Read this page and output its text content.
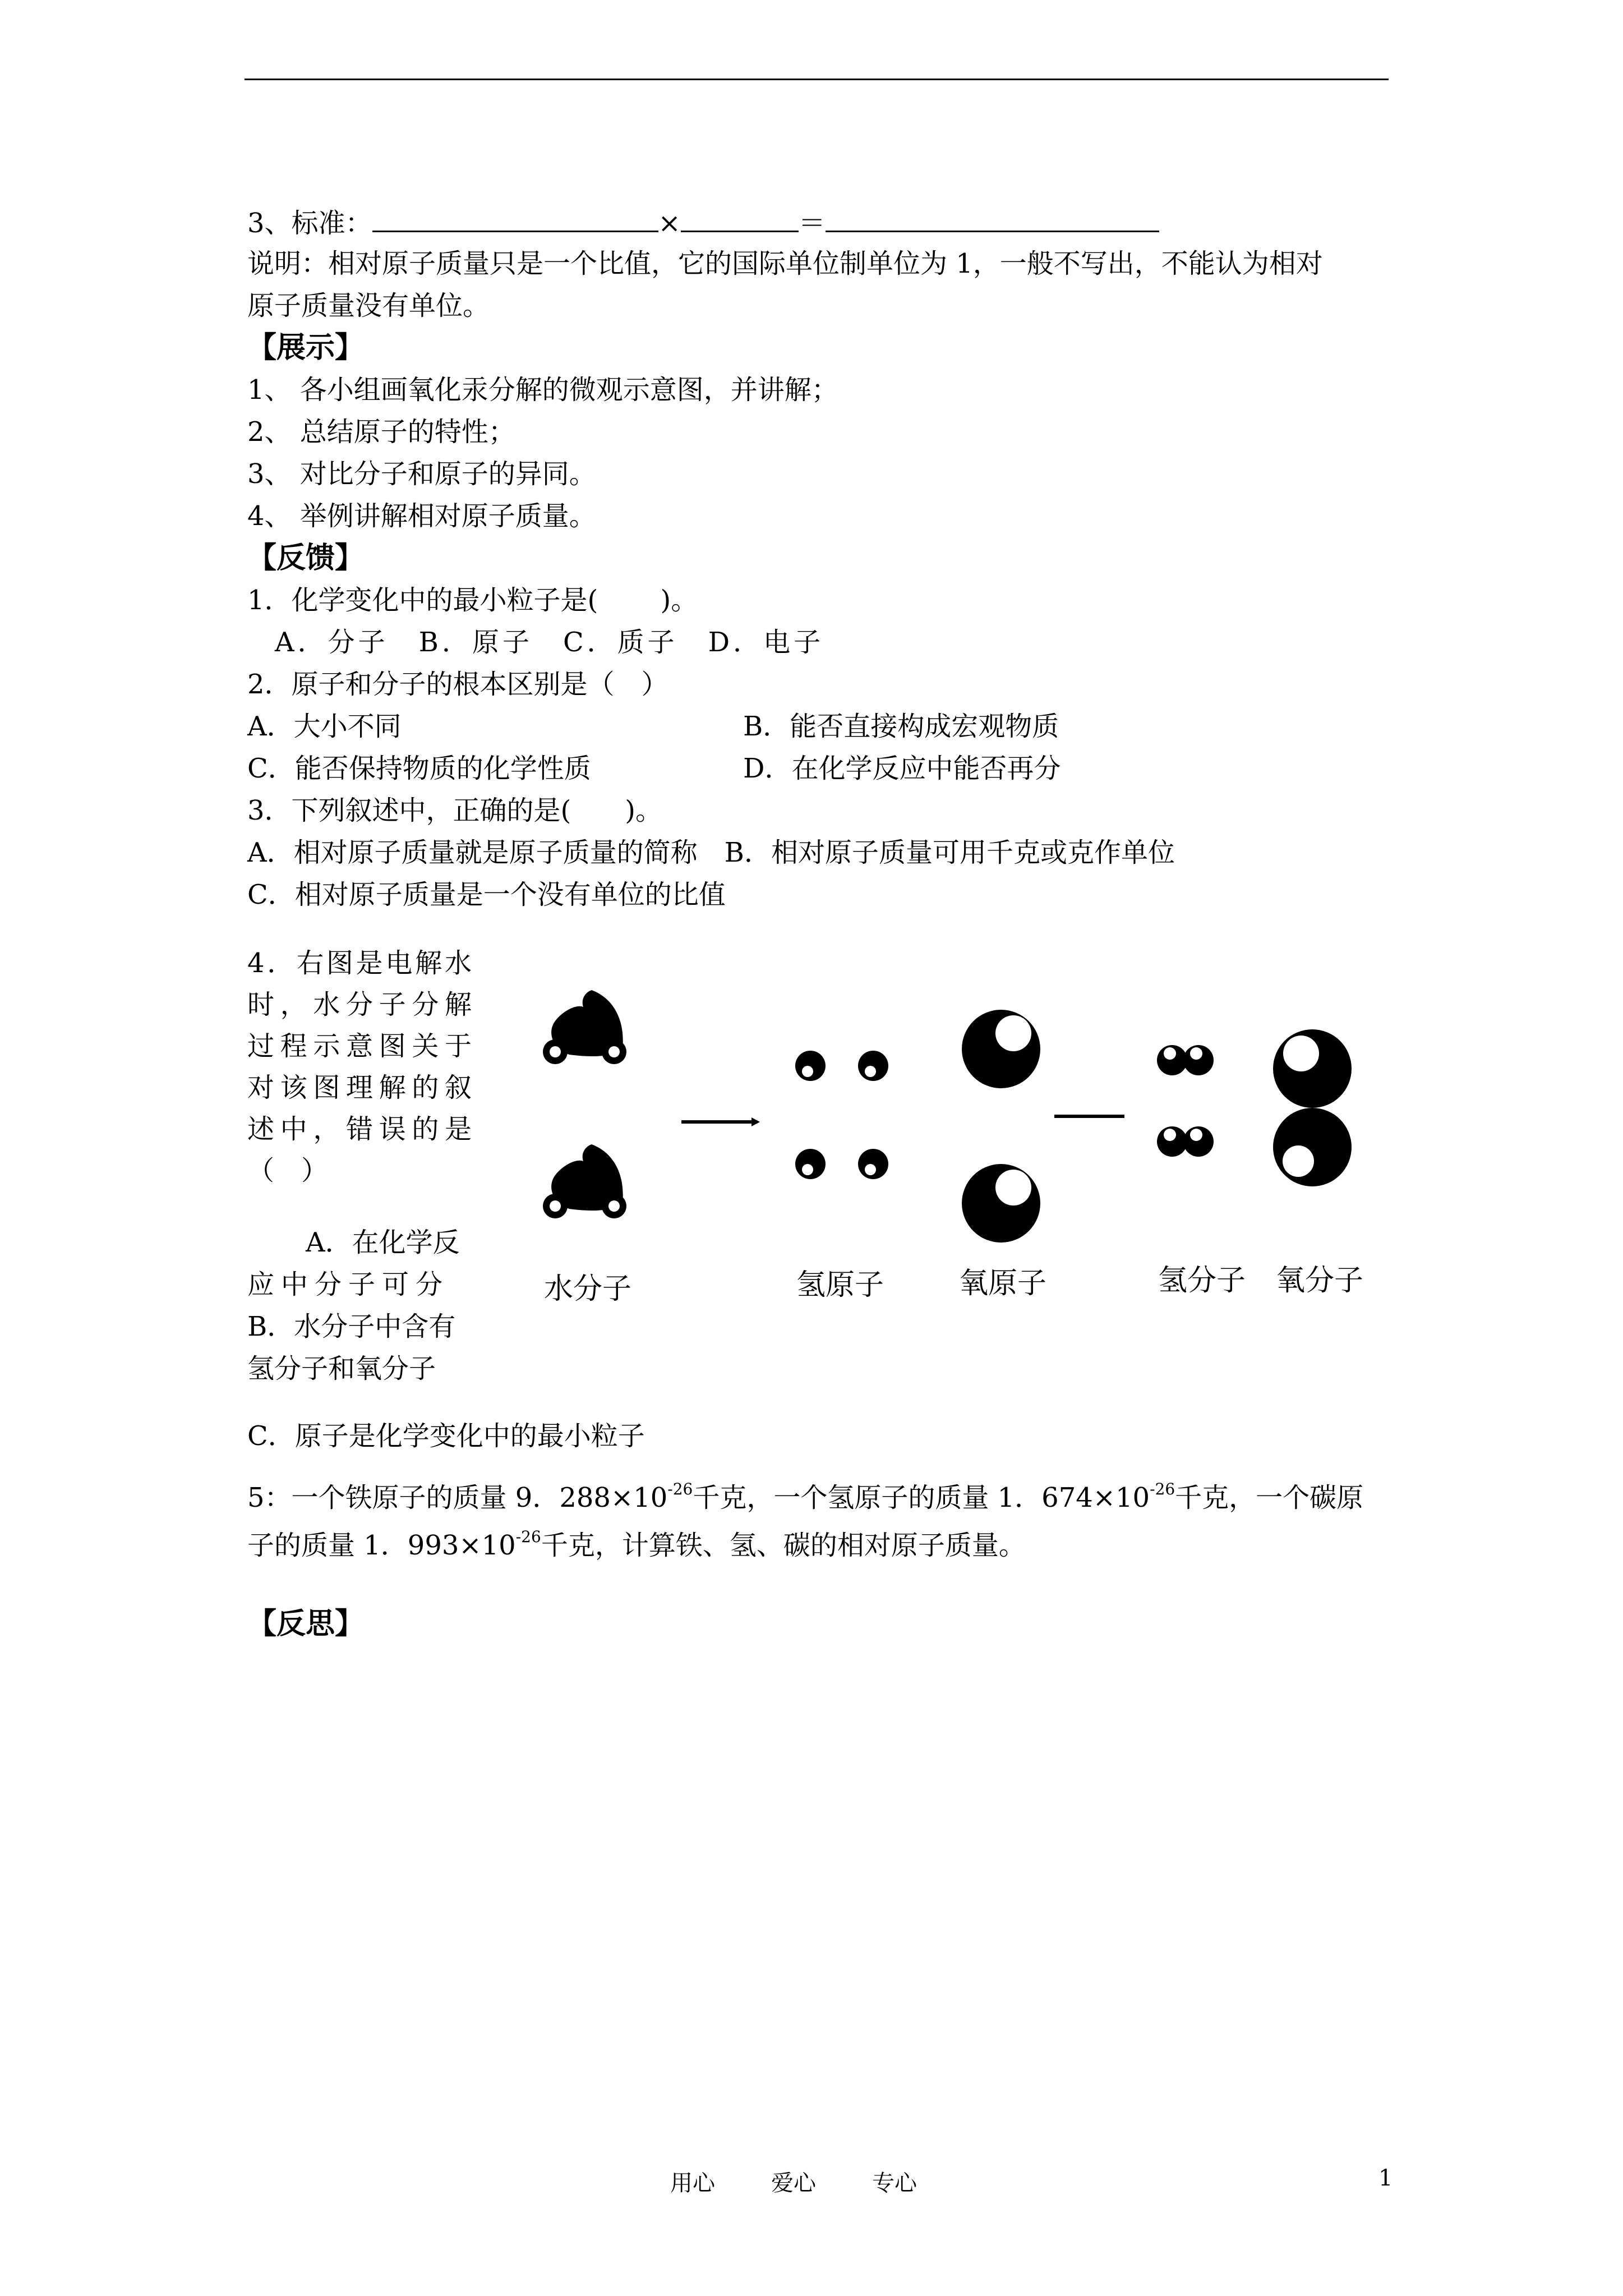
3、标准：	×	＝
说明：相对原子质量只是一个比值，它的国际单位制单位为 1，一般不写出，不能认为相对
原子质量没有单位。
【展示】
1、 各小组画氧化汞分解的微观示意图，并讲解；
2、 总结原子的特性；
3、 对比分子和原子的异同。
4、 举例讲解相对原子质量。
【反馈】
1．化学变化中的最小粒子是(　　 )。
A．分子　B．原子　C．质子　D．电子
2．原子和分子的根本区别是（　）
A．大小不同	B．能否直接构成宏观物质
C．能否保持物质的化学性质	D．在化学反应中能否再分
3．下列叙述中，正确的是(　　)。
A．相对原子质量就是原子质量的简称　B．相对原子质量可用千克或克作单位
C．相对原子质量是一个没有单位的比值
4．右图是电解水
时，水分子分解
过程示意图关于
对该图理解的叙
述中，错误的是
（　）
A．在化学反
应中分子可分
B．水分子中含有
氢分子和氧分子
水分子	氢原子	氧原子	氢分子 氧分子
C．原子是化学变化中的最小粒子
5：一个铁原子的质量 9．$288\times 10^{-26}$千克，一个氢原子的质量 1．$674\times 10^{-26}$千克，一个碳原
子的质量 1．$993\times 10^{-26}$千克，计算铁、氢、碳的相对原子质量。
【反思】
用心	爱心	专心	1
